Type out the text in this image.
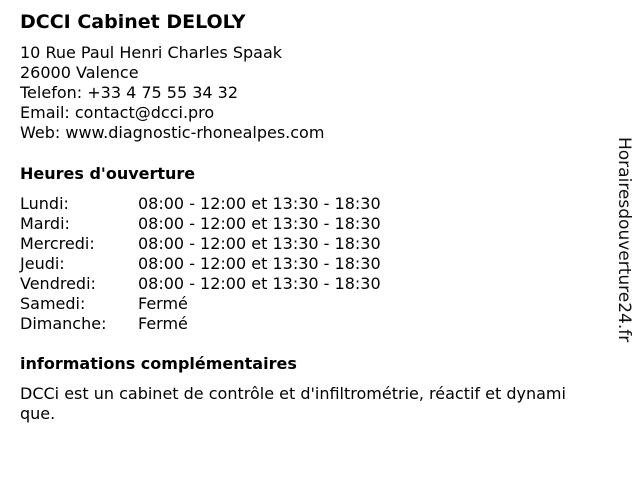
DCCI Cabinet DELOLY
10 Rue Paul Henri Charles Spaak
26000 Valence
Telefon: +33 4 75 55 34 32
Email: contact@dcci.pro
Web: www.diagnostic-rhonealpes.com
Heures d'ouverture
Lundi:	08:00 - 12:00 et 13:30 - 18:30
Mardi:	08:00 - 12:00 et 13:30 - 18:30
Mercredi:	08:00 - 12:00 et 13:30 - 18:30
Jeudi:	08:00 - 12:00 et 13:30 - 18:30
Vendredi:	08:00 - 12:00 et 13:30 - 18:30
Samedi:	Fermé
Dimanche:	Fermé
informations complémentaires
DCCi est un cabinet de contrôle et d'infiltrométrie, réactif et dynamique.
Horairesdouverture24.fr
